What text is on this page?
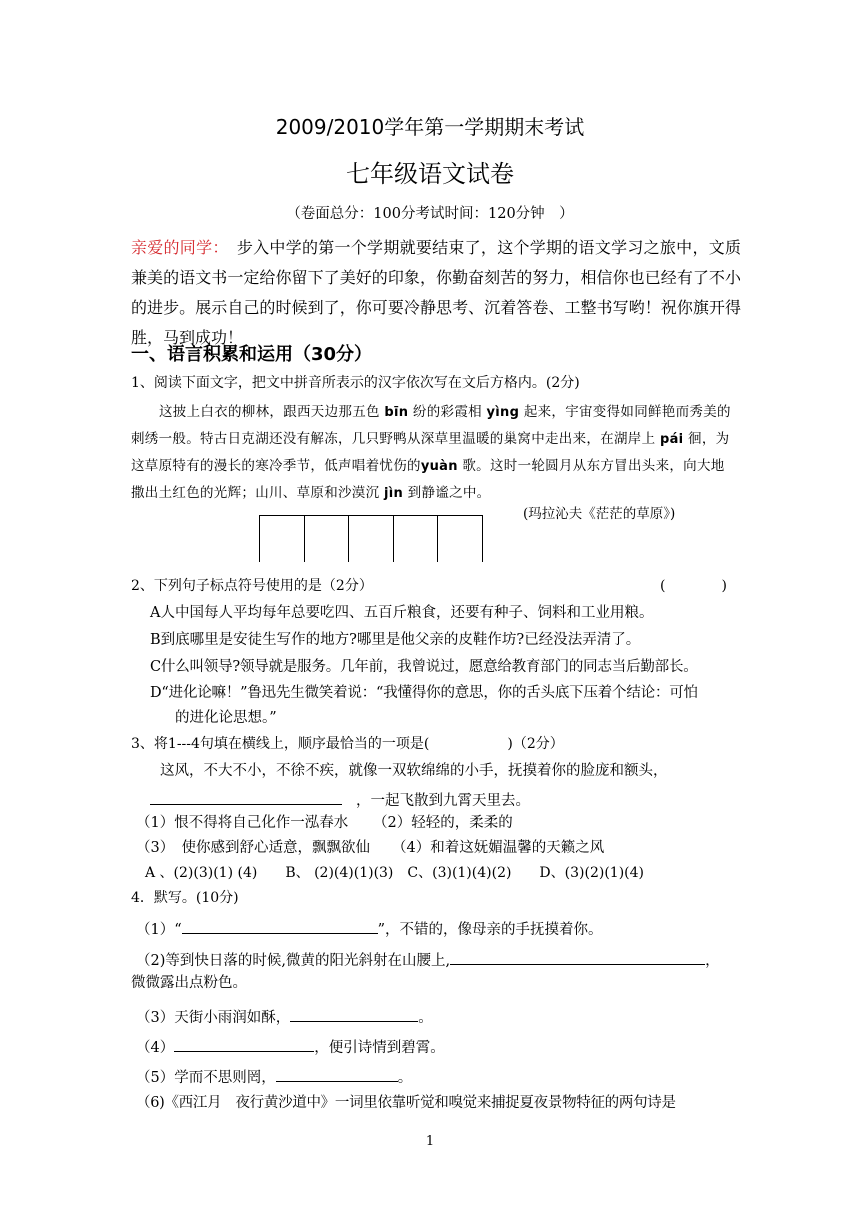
2009/2010学年第一学期期末考试
七年级语文试卷
（卷面总分：100分考试时间：120分钟　）
亲爱的同学：　步入中学的第一个学期就要结束了，这个学期的语文学习之旅中，文质兼美的语文书一定给你留下了美好的印象，你勤奋刻苦的努力，相信你也已经有了不小的进步。展示自己的时候到了，你可要冷静思考、沉着答卷、工整书写哟！祝你旗开得胜，马到成功！
一、语言积累和运用（30分）
1、阅读下面文字，把文中拼音所表示的汉字依次写在文后方格内。(2分)
这披上白衣的柳林，跟西天边那五色 bīn 纷的彩霞相 yìng 起来，宇宙变得如同鲜艳而秀美的刺绣一般。特古日克湖还没有解冻，几只野鸭从深草里温暖的巢窝中走出来，在湖岸上 pái 徊，为这草原特有的漫长的寒冷季节，低声唱着忧伤的yuàn 歌。这时一轮圆月从东方冒出头来，向大地撒出土红色的光辉；山川、草原和沙漠沉 jìn 到静谧之中。
(玛拉沁夫《茫茫的草原》)
2、下列句子标点符号使用的是（2分）	(　　　　)
A人中国每人平均每年总要吃四、五百斤粮食，还要有种子、饲料和工业用粮。
B到底哪里是安徒生写作的地方?哪里是他父亲的皮鞋作坊?已经没法弄清了。
C什么叫领导?领导就是服务。几年前，我曾说过，愿意给教育部门的同志当后勤部长。
D“进化论嘛！”鲁迅先生微笑着说：“我懂得你的意思，你的舌头底下压着个结论：可怕
的进化论思想。”
3、将1---4句填在横线上，顺序最恰当的一项是(	)（2分）
这风，不大不小，不徐不疾，就像一双软绵绵的小手，抚摸着你的脸庞和额头，
，一起飞散到九霄天里去。
（1）恨不得将自己化作一泓春水 （2）轻轻的，柔柔的
（3）　使你感到舒心适意，飘飘欲仙 （4）和着这妩媚温馨的天籁之风
A 、(2)(3)(1) (4)　　B、 (2)(4)(1)(3)　C、(3)(1)(4)(2)　　D、(3)(2)(1)(4)
4．默写。(10分)
（1）“	”，不错的，像母亲的手抚摸着你。
（2)等到快日落的时候,微黄的阳光斜射在山腰上,	，
微微露出点粉色。
（3）天街小雨润如酥，	。
（4）	，便引诗情到碧霄。
（5）学而不思则罔，	。
（6)《西江月　夜行黄沙道中》一词里依靠听觉和嗅觉来捕捉夏夜景物特征的两句诗是
1
